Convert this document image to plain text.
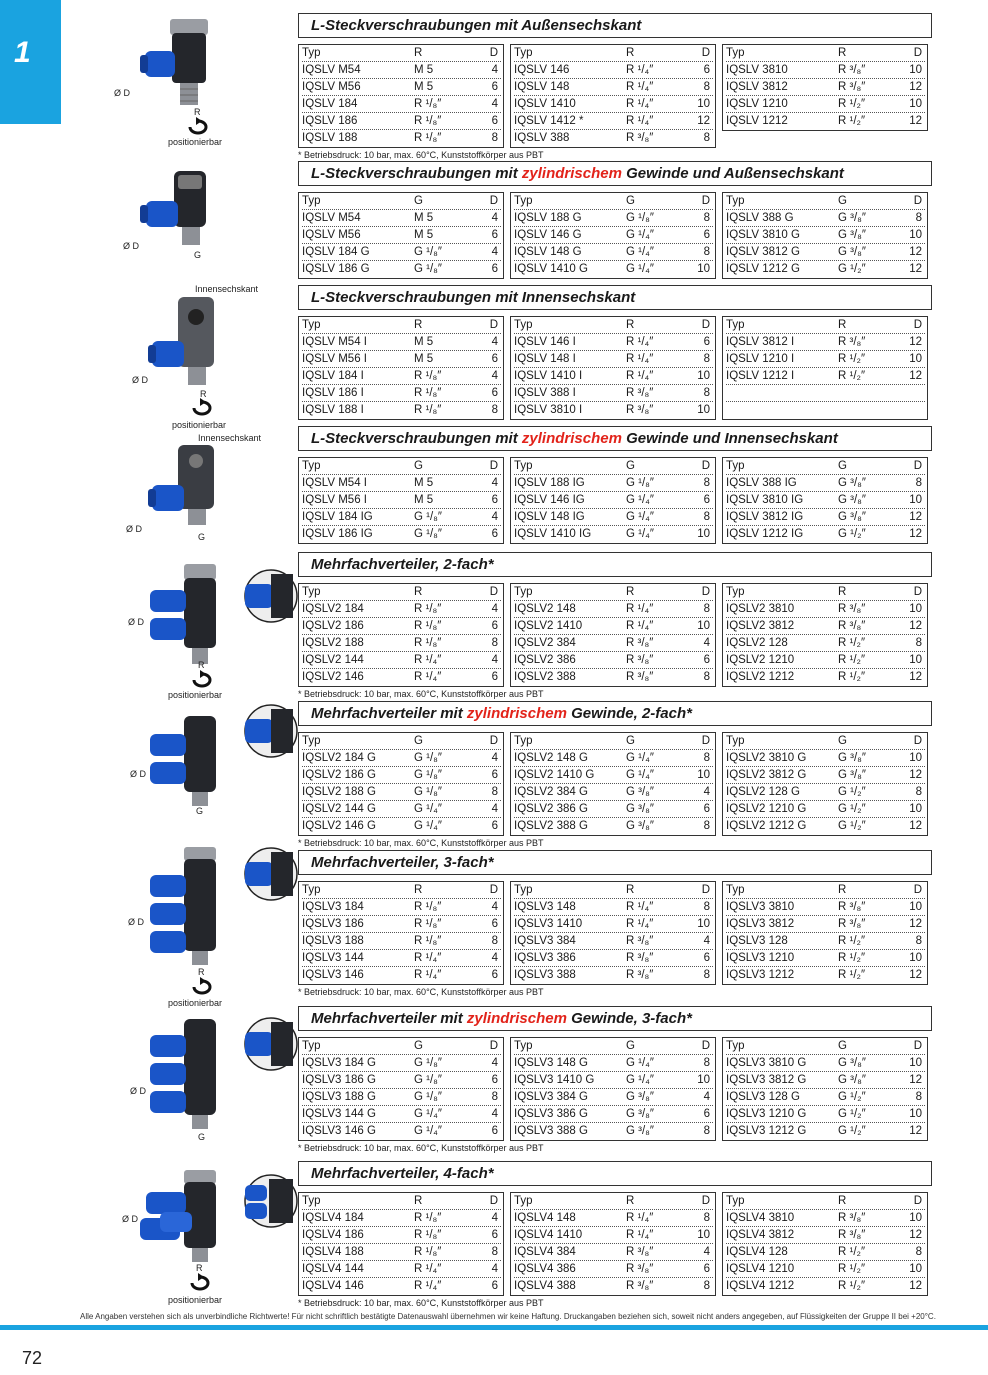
1
L-Steckverschraubungen mit Außensechskant
Typ	R	D
IQSLV M54	M 5	4
IQSLV M56	M 5	6
IQSLV 184	R ¹/₈″	4
IQSLV 186	R ¹/₈″	6
IQSLV 188	R ¹/₈″	8
Typ	R	D
IQSLV 146	R ¹/₄″	6
IQSLV 148	R ¹/₄″	8
IQSLV 1410	R ¹/₄″	10
IQSLV 1412 *	R ¹/₄″	12
IQSLV 388	R ³/₈″	8
Typ	R	D
IQSLV 3810	R ³/₈″	10
IQSLV 3812	R ³/₈″	12
IQSLV 1210	R ¹/₂″	10
IQSLV 1212	R ¹/₂″	12
* Betriebsdruck: 10 bar, max. 60°C, Kunststoffkörper aus PBT
L-Steckverschraubungen mit zylindrischem Gewinde und Außensechskant
Typ	G	D
IQSLV M54	M 5	4
IQSLV M56	M 5	6
IQSLV 184 G	G ¹/₈″	4
IQSLV 186 G	G ¹/₈″	6
Typ	G	D
IQSLV 188 G	G ¹/₈″	8
IQSLV 146 G	G ¹/₄″	6
IQSLV 148 G	G ¹/₄″	8
IQSLV 1410 G	G ¹/₄″	10
Typ	G	D
IQSLV 388 G	G ³/₈″	8
IQSLV 3810 G	G ³/₈″	10
IQSLV 3812 G	G ³/₈″	12
IQSLV 1212 G	G ¹/₂″	12
L-Steckverschraubungen mit Innensechskant
Typ	R	D
IQSLV M54 I	M 5	4
IQSLV M56 I	M 5	6
IQSLV 184 I	R ¹/₈″	4
IQSLV 186 I	R ¹/₈″	6
IQSLV 188 I	R ¹/₈″	8
Typ	R	D
IQSLV 146 I	R ¹/₄″	6
IQSLV 148 I	R ¹/₄″	8
IQSLV 1410 I	R ¹/₄″	10
IQSLV 388 I	R ³/₈″	8
IQSLV 3810 I	R ³/₈″	10
Typ	R	D
IQSLV 3812 I	R ³/₈″	12
IQSLV 1210 I	R ¹/₂″	10
IQSLV 1212 I	R ¹/₂″	12
L-Steckverschraubungen mit zylindrischem Gewinde und Innensechskant
Typ	G	D
IQSLV M54 I	M 5	4
IQSLV M56 I	M 5	6
IQSLV 184 IG	G ¹/₈″	4
IQSLV 186 IG	G ¹/₈″	6
Typ	G	D
IQSLV 188 IG	G ¹/₈″	8
IQSLV 146 IG	G ¹/₄″	6
IQSLV 148 IG	G ¹/₄″	8
IQSLV 1410 IG	G ¹/₄″	10
Typ	G	D
IQSLV 388 IG	G ³/₈″	8
IQSLV 3810 IG	G ³/₈″	10
IQSLV 3812 IG	G ³/₈″	12
IQSLV 1212 IG	G ¹/₂″	12
Mehrfachverteiler, 2-fach*
Typ	R	D
IQSLV2 184	R ¹/₈″	4
IQSLV2 186	R ¹/₈″	6
IQSLV2 188	R ¹/₈″	8
IQSLV2 144	R ¹/₄″	4
IQSLV2 146	R ¹/₄″	6
Typ	R	D
IQSLV2 148	R ¹/₄″	8
IQSLV2 1410	R ¹/₄″	10
IQSLV2 384	R ³/₈″	4
IQSLV2 386	R ³/₈″	6
IQSLV2 388	R ³/₈″	8
Typ	R	D
IQSLV2 3810	R ³/₈″	10
IQSLV2 3812	R ³/₈″	12
IQSLV2 128	R ¹/₂″	8
IQSLV2 1210	R ¹/₂″	10
IQSLV2 1212	R ¹/₂″	12
* Betriebsdruck: 10 bar, max. 60°C, Kunststoffkörper aus PBT
Mehrfachverteiler mit zylindrischem Gewinde, 2-fach*
Typ	G	D
IQSLV2 184 G	G ¹/₈″	4
IQSLV2 186 G	G ¹/₈″	6
IQSLV2 188 G	G ¹/₈″	8
IQSLV2 144 G	G ¹/₄″	4
IQSLV2 146 G	G ¹/₄″	6
Typ	G	D
IQSLV2 148 G	G ¹/₄″	8
IQSLV2 1410 G	G ¹/₄″	10
IQSLV2 384 G	G ³/₈″	4
IQSLV2 386 G	G ³/₈″	6
IQSLV2 388 G	G ³/₈″	8
Typ	G	D
IQSLV2 3810 G	G ³/₈″	10
IQSLV2 3812 G	G ³/₈″	12
IQSLV2 128 G	G ¹/₂″	8
IQSLV2 1210 G	G ¹/₂″	10
IQSLV2 1212 G	G ¹/₂″	12
* Betriebsdruck: 10 bar, max. 60°C, Kunststoffkörper aus PBT
Mehrfachverteiler, 3-fach*
Typ	R	D
IQSLV3 184	R ¹/₈″	4
IQSLV3 186	R ¹/₈″	6
IQSLV3 188	R ¹/₈″	8
IQSLV3 144	R ¹/₄″	4
IQSLV3 146	R ¹/₄″	6
Typ	R	D
IQSLV3 148	R ¹/₄″	8
IQSLV3 1410	R ¹/₄″	10
IQSLV3 384	R ³/₈″	4
IQSLV3 386	R ³/₈″	6
IQSLV3 388	R ³/₈″	8
Typ	R	D
IQSLV3 3810	R ³/₈″	10
IQSLV3 3812	R ³/₈″	12
IQSLV3 128	R ¹/₂″	8
IQSLV3 1210	R ¹/₂″	10
IQSLV3 1212	R ¹/₂″	12
* Betriebsdruck: 10 bar, max. 60°C, Kunststoffkörper aus PBT
Mehrfachverteiler mit zylindrischem Gewinde, 3-fach*
Typ	G	D
IQSLV3 184 G	G ¹/₈″	4
IQSLV3 186 G	G ¹/₈″	6
IQSLV3 188 G	G ¹/₈″	8
IQSLV3 144 G	G ¹/₄″	4
IQSLV3 146 G	G ¹/₄″	6
Typ	G	D
IQSLV3 148 G	G ¹/₄″	8
IQSLV3 1410 G	G ¹/₄″	10
IQSLV3 384 G	G ³/₈″	4
IQSLV3 386 G	G ³/₈″	6
IQSLV3 388 G	G ³/₈″	8
Typ	G	D
IQSLV3 3810 G	G ³/₈″	10
IQSLV3 3812 G	G ³/₈″	12
IQSLV3 128 G	G ¹/₂″	8
IQSLV3 1210 G	G ¹/₂″	10
IQSLV3 1212 G	G ¹/₂″	12
* Betriebsdruck: 10 bar, max. 60°C, Kunststoffkörper aus PBT
Mehrfachverteiler, 4-fach*
Typ	R	D
IQSLV4 184	R ¹/₈″	4
IQSLV4 186	R ¹/₈″	6
IQSLV4 188	R ¹/₈″	8
IQSLV4 144	R ¹/₄″	4
IQSLV4 146	R ¹/₄″	6
Typ	R	D
IQSLV4 148	R ¹/₄″	8
IQSLV4 1410	R ¹/₄″	10
IQSLV4 384	R ³/₈″	4
IQSLV4 386	R ³/₈″	6
IQSLV4 388	R ³/₈″	8
Typ	R	D
IQSLV4 3810	R ³/₈″	10
IQSLV4 3812	R ³/₈″	12
IQSLV4 128	R ¹/₂″	8
IQSLV4 1210	R ¹/₂″	10
IQSLV4 1212	R ¹/₂″	12
* Betriebsdruck: 10 bar, max. 60°C, Kunststoffkörper aus PBT
Ø D
R
positionierbar
Ø D
G
Innensechskant
Ø D
R
positionierbar
Innensechskant
Ø D
G
Ø D
R
positionierbar
Ø D
G
Ø D
R
positionierbar
Ø D
G
Ø D
R
positionierbar
Alle Angaben verstehen sich als unverbindliche Richtwerte! Für nicht schriftlich bestätigte Datenauswahl übernehmen wir keine Haftung. Druckangaben beziehen sich, soweit nicht anders angegeben, auf Flüssigkeiten der Gruppe II bei +20°C.
72
